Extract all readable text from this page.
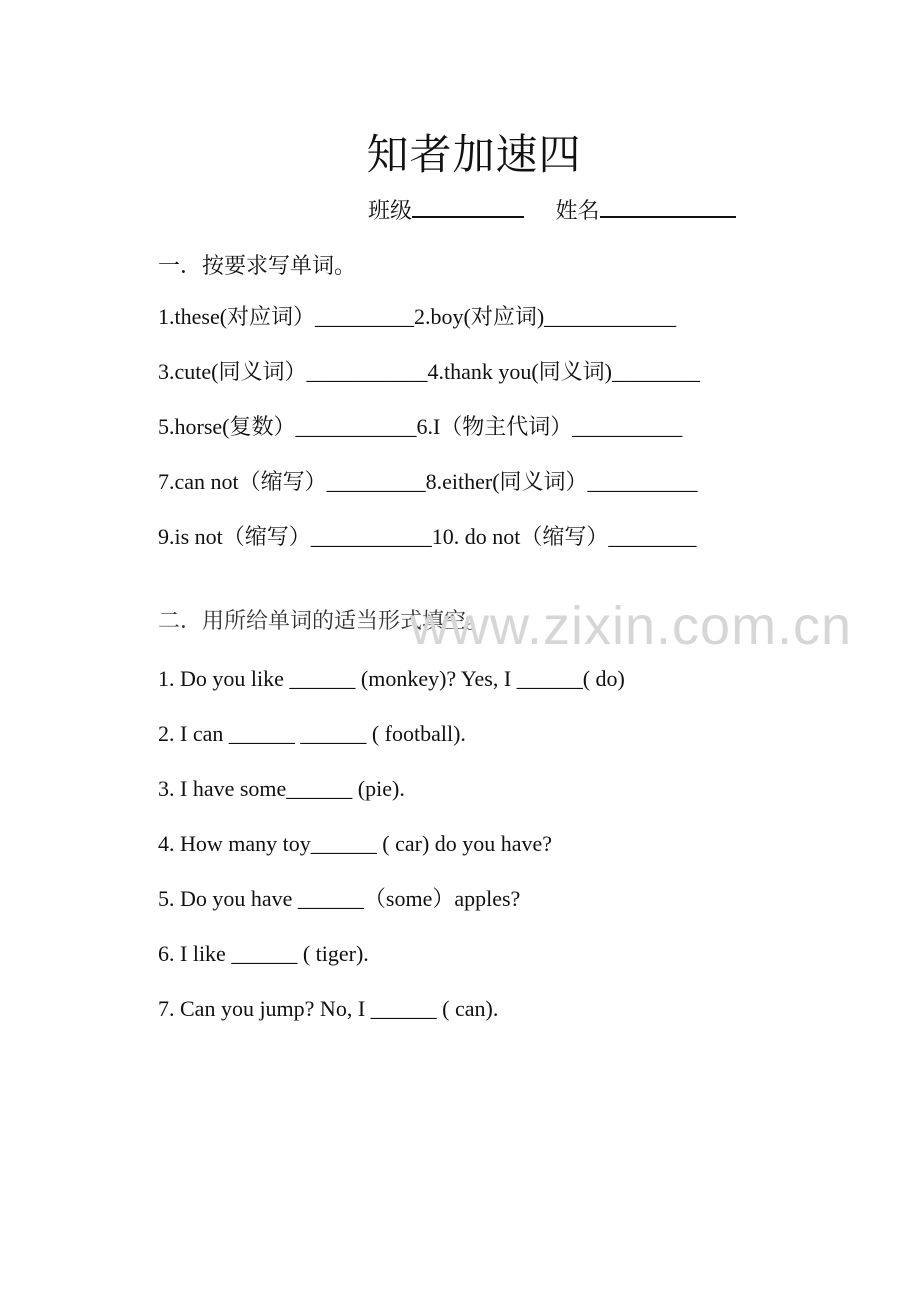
知者加速四
班级	姓名
一．按要求写单词。
1.these(对应词）_________2.boy(对应词)____________
3.cute(同义词）___________4.thank you(同义词)________
5.horse(复数）___________6.I（物主代词）__________
7.can not（缩写）_________8.either(同义词）__________
9.is not（缩写）___________10. do not（缩写）________
二．用所给单词的适当形式填空。
www.zixin.com.cn
1. Do you like ______ (monkey)? Yes, I ______( do)
2. I can ______ ______ ( football).
3. I have some______ (pie).
4. How many toy______ ( car) do you have?
5. Do you have ______（some）apples?
6. I like ______ ( tiger).
7. Can you jump? No, I ______ ( can).
